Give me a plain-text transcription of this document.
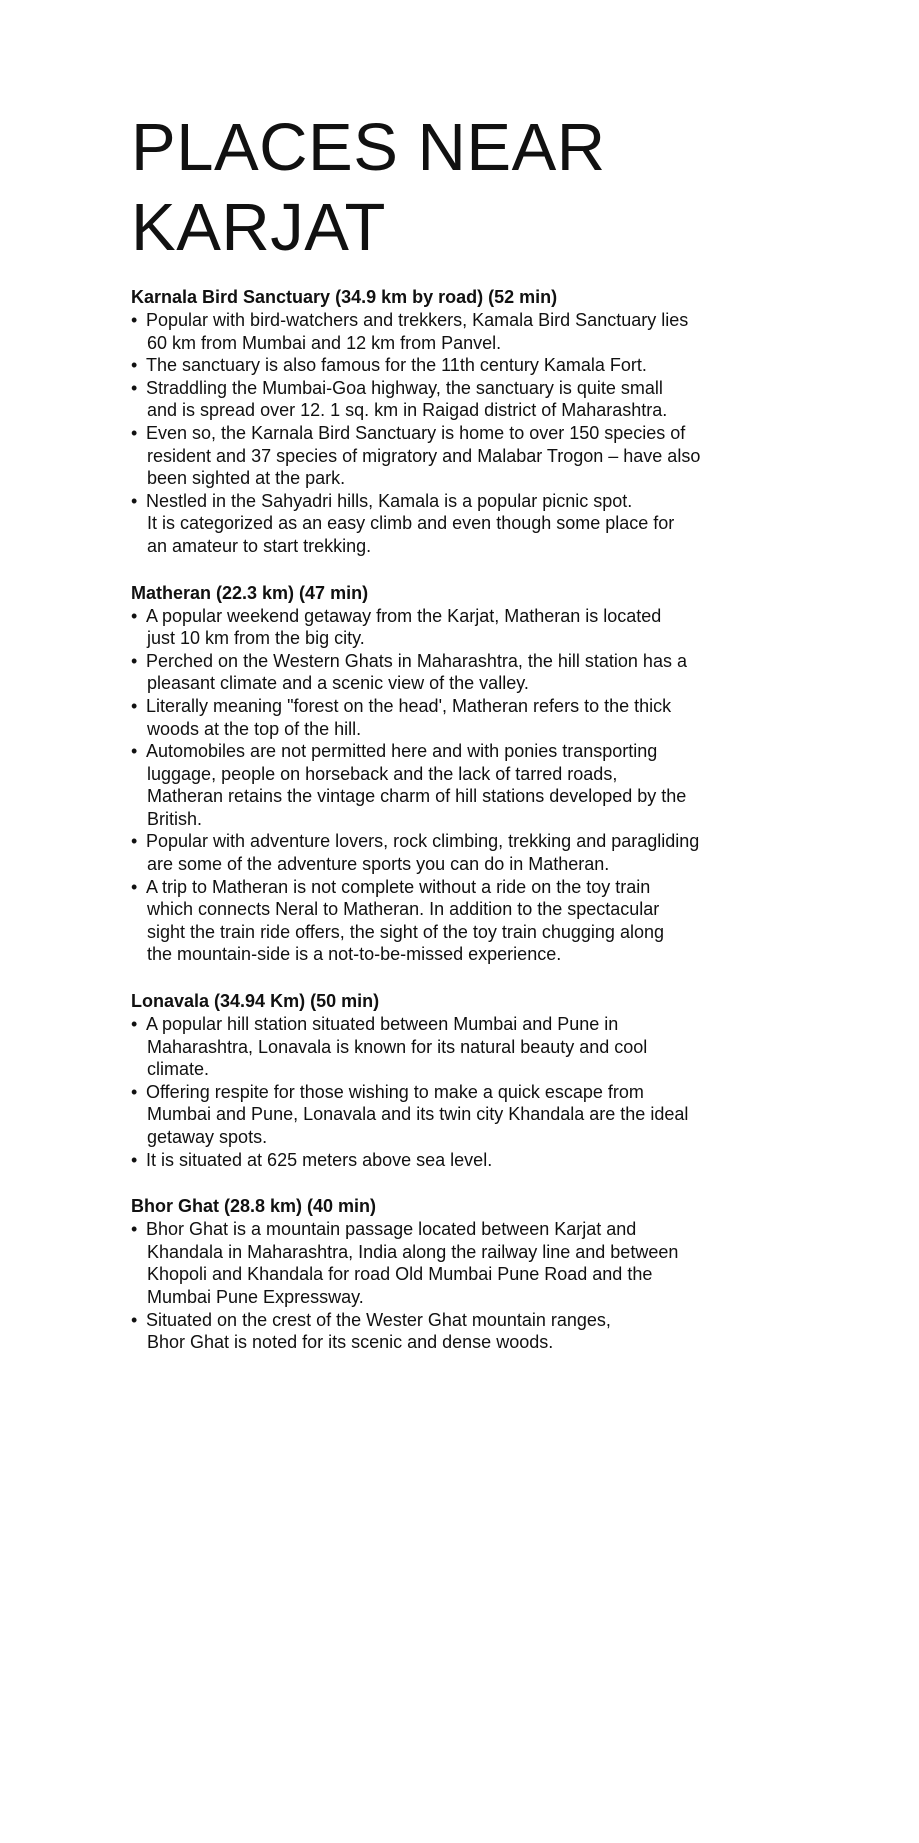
PLACES NEAR
KARJAT
Karnala Bird Sanctuary (34.9 km by road) (52 min)
• Popular with bird-watchers and trekkers, Kamala Bird Sanctuary lies
60 km from Mumbai and 12 km from Panvel.
• The sanctuary is also famous for the 11th century Kamala Fort.
• Straddling the Mumbai-Goa highway, the sanctuary is quite small
and is spread over 12. 1 sq. km in Raigad district of Maharashtra.
• Even so, the Karnala Bird Sanctuary is home to over 150 species of
resident and 37 species of migratory and Malabar Trogon – have also
been sighted at the park.
• Nestled in the Sahyadri hills, Kamala is a popular picnic spot.
It is categorized as an easy climb and even though some place for
an amateur to start trekking.
Matheran (22.3 km) (47 min)
• A popular weekend getaway from the Karjat, Matheran is located
just 10 km from the big city.
• Perched on the Western Ghats in Maharashtra, the hill station has a
pleasant climate and a scenic view of the valley.
• Literally meaning "forest on the head', Matheran refers to the thick
woods at the top of the hill.
• Automobiles are not permitted here and with ponies transporting
luggage, people on horseback and the lack of tarred roads,
Matheran retains the vintage charm of hill stations developed by the
British.
• Popular with adventure lovers, rock climbing, trekking and paragliding
are some of the adventure sports you can do in Matheran.
• A trip to Matheran is not complete without a ride on the toy train
which connects Neral to Matheran. In addition to the spectacular
sight the train ride offers, the sight of the toy train chugging along
the mountain-side is a not-to-be-missed experience.
Lonavala (34.94 Km) (50 min)
• A popular hill station situated between Mumbai and Pune in
Maharashtra, Lonavala is known for its natural beauty and cool
climate.
• Offering respite for those wishing to make a quick escape from
Mumbai and Pune, Lonavala and its twin city Khandala are the ideal
getaway spots.
• It is situated at 625 meters above sea level.
Bhor Ghat (28.8 km) (40 min)
• Bhor Ghat is a mountain passage located between Karjat and
Khandala in Maharashtra, India along the railway line and between
Khopoli and Khandala for road Old Mumbai Pune Road and the
Mumbai Pune Expressway.
• Situated on the crest of the Wester Ghat mountain ranges,
Bhor Ghat is noted for its scenic and dense woods.
